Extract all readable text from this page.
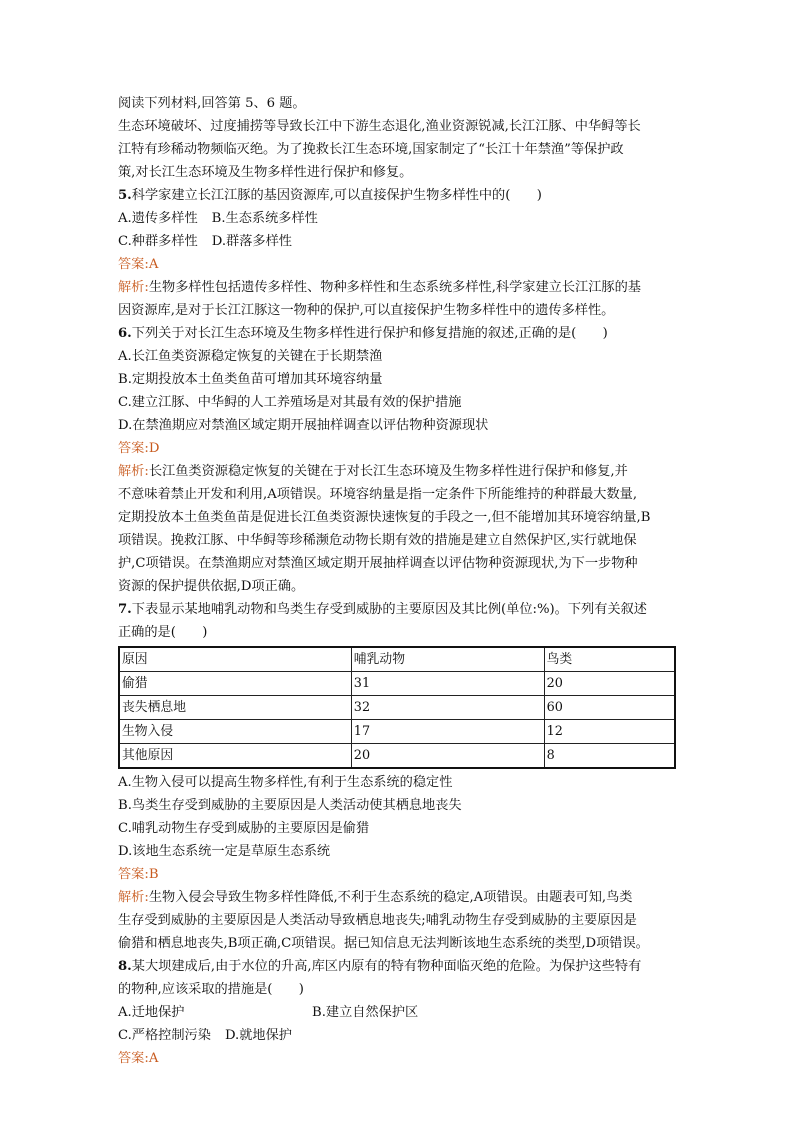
阅读下列材料,回答第 5、6 题。
生态环境破坏、过度捕捞等导致长江中下游生态退化,渔业资源锐减,长江江豚、中华鲟等长
江特有珍稀动物频临灭绝。为了挽救长江生态环境,国家制定了“长江十年禁渔”等保护政
策,对长江生态环境及生物多样性进行保护和修复。
5.科学家建立长江江豚的基因资源库,可以直接保护生物多样性中的(　　)
A.遗传多样性 B.生态系统多样性
C.种群多样性 D.群落多样性
答案:A
解析:生物多样性包括遗传多样性、物种多样性和生态系统多样性,科学家建立长江江豚的基
因资源库,是对于长江江豚这一物种的保护,可以直接保护生物多样性中的遗传多样性。
6.下列关于对长江生态环境及生物多样性进行保护和修复措施的叙述,正确的是(　　)
A.长江鱼类资源稳定恢复的关键在于长期禁渔
B.定期投放本土鱼类鱼苗可增加其环境容纳量
C.建立江豚、中华鲟的人工养殖场是对其最有效的保护措施
D.在禁渔期应对禁渔区域定期开展抽样调查以评估物种资源现状
答案:D
解析:长江鱼类资源稳定恢复的关键在于对长江生态环境及生物多样性进行保护和修复,并
不意味着禁止开发和利用,A项错误。环境容纳量是指一定条件下所能维持的种群最大数量,
定期投放本土鱼类鱼苗是促进长江鱼类资源快速恢复的手段之一,但不能增加其环境容纳量,B
项错误。挽救江豚、中华鲟等珍稀濒危动物长期有效的措施是建立自然保护区,实行就地保
护,C项错误。在禁渔期应对禁渔区域定期开展抽样调查以评估物种资源现状,为下一步物种
资源的保护提供依据,D项正确。
7.下表显示某地哺乳动物和鸟类生存受到威胁的主要原因及其比例(单位:%)。下列有关叙述
正确的是(　　)
原因	哺乳动物	鸟类
偷猎	31	20
丧失栖息地	32	60
生物入侵	17	12
其他原因	20	8
A.生物入侵可以提高生物多样性,有利于生态系统的稳定性
B.鸟类生存受到威胁的主要原因是人类活动使其栖息地丧失
C.哺乳动物生存受到威胁的主要原因是偷猎
D.该地生态系统一定是草原生态系统
答案:B
解析:生物入侵会导致生物多样性降低,不利于生态系统的稳定,A项错误。由题表可知,鸟类
生存受到威胁的主要原因是人类活动导致栖息地丧失;哺乳动物生存受到威胁的主要原因是
偷猎和栖息地丧失,B项正确,C项错误。据已知信息无法判断该地生态系统的类型,D项错误。
8.某大坝建成后,由于水位的升高,库区内原有的特有物种面临灭绝的危险。为保护这些特有
的物种,应该采取的措施是(　　)
A.迁地保护	B.建立自然保护区
C.严格控制污染 D.就地保护
答案:A
